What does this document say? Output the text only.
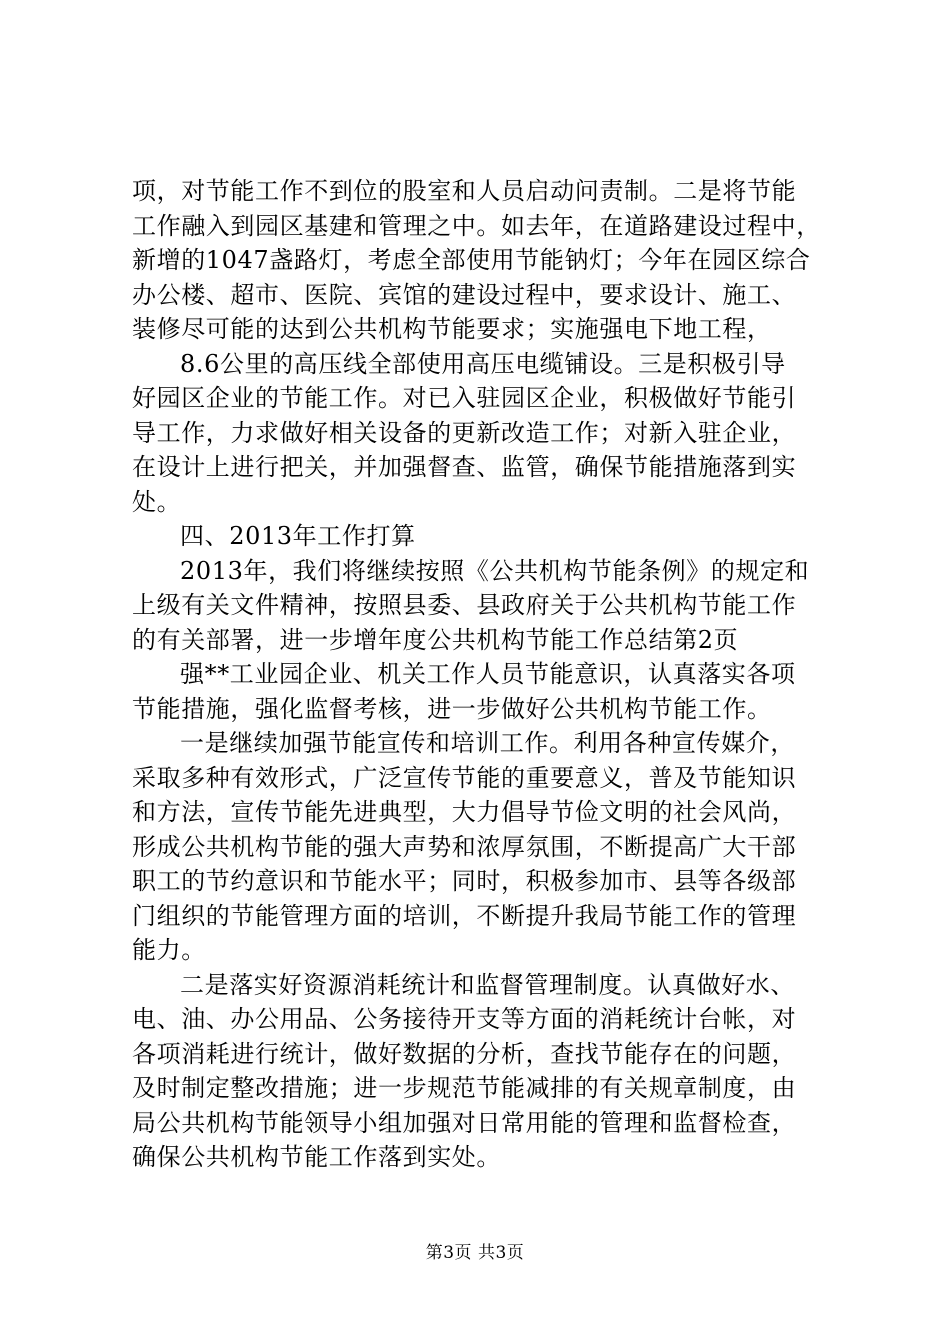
项，对节能工作不到位的股室和人员启动问责制。二是将节能
工作融入到园区基建和管理之中。如去年，在道路建设过程中，
新增的1047盏路灯，考虑全部使用节能钠灯；今年在园区综合
办公楼、超市、医院、宾馆的建设过程中，要求设计、施工、
装修尽可能的达到公共机构节能要求；实施强电下地工程，
8.6公里的高压线全部使用高压电缆铺设。三是积极引导
好园区企业的节能工作。对已入驻园区企业，积极做好节能引
导工作，力求做好相关设备的更新改造工作；对新入驻企业，
在设计上进行把关，并加强督查、监管，确保节能措施落到实
处。
四、2013年工作打算
2013年，我们将继续按照《公共机构节能条例》的规定和
上级有关文件精神，按照县委、县政府关于公共机构节能工作
的有关部署，进一步增年度公共机构节能工作总结第2页
强**工业园企业、机关工作人员节能意识，认真落实各项
节能措施，强化监督考核，进一步做好公共机构节能工作。
一是继续加强节能宣传和培训工作。利用各种宣传媒介，
采取多种有效形式，广泛宣传节能的重要意义，普及节能知识
和方法，宣传节能先进典型，大力倡导节俭文明的社会风尚，
形成公共机构节能的强大声势和浓厚氛围，不断提高广大干部
职工的节约意识和节能水平；同时，积极参加市、县等各级部
门组织的节能管理方面的培训，不断提升我局节能工作的管理
能力。
二是落实好资源消耗统计和监督管理制度。认真做好水、
电、油、办公用品、公务接待开支等方面的消耗统计台帐，对
各项消耗进行统计，做好数据的分析，查找节能存在的问题，
及时制定整改措施；进一步规范节能减排的有关规章制度，由
局公共机构节能领导小组加强对日常用能的管理和监督检查，
确保公共机构节能工作落到实处。
第3页 共3页
